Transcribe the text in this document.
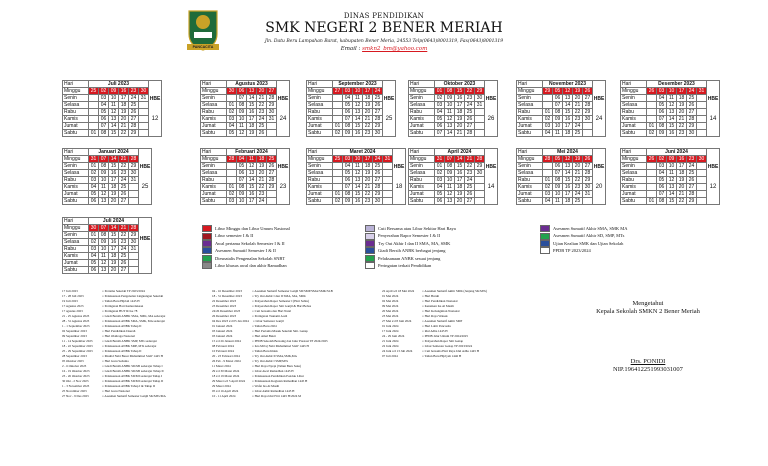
PANCACITA
DINAS PENDIDIKAN
SMK NEGERI 2 BENER MERIAH
Jln. Datu Beru Lampahan Barat, kabupaten Bener Meria, 24553 Telp(0643)8001319, Fax(0643)8001319
Email : smkn2_bm@yahoo.com
Hari	Juli 2023						HBE
12

Minggu	25	02	09	16	23	30	
Senin		03	10	17	24	31	
Selasa		04	11	18	25		
Rabu		05	12	19	26		
Kamis		06	13	20	27		
Jumat		07	14	21	28		
Sabtu	01	08	15	22	29		
Hari	Agustus 2023					HBE
24

Minggu	30	06	13	20	27	
Senin		07	14	21	28	
Selasa	01	08	15	22	29	
Rabu	02	09	16	23	30	
Kamis	03	10	17	24	31	
Jumat	04	11	18	25		
Sabtu	05	12	19	26		
Hari	September 2023					HBE
25

Minggu	27	03	10	17	24	
Senin		04	11	18	25	
Selasa		05	12	19	26	
Rabu		06	13	20	27	
Kamis		07	14	21	28	
Jumat	01	08	15	22	29	
Sabtu	02	09	16	23	30	
Hari	Oktober 2023					HBE
26

Minggu	01	08	15	22	29	
Senin	02	09	16	23	30	
Selasa	03	10	17	24	31	
Rabu	04	11	18	25		
Kamis	05	12	19	26		
Jumat	06	13	20	27		
Sabtu	07	14	21	28		
Hari	November 2023					HBE
24

Minggu	29	05	12	19	26	
Senin		06	13	20	27	
Selasa		07	14	21	28	
Rabu	01	08	15	22	29	
Kamis	02	09	16	23	30	
Jumat	03	10	17	24		
Sabtu	04	11	18	25		
Hari	Desember 2023						HBE
14

Minggu	26	03	10	17	24	31	
Senin		04	11	18	25		
Selasa		05	12	19	26		
Rabu		06	13	20	27		
Kamis		07	14	21	28		
Jumat	01	08	15	22	29		
Sabtu	02	09	16	23	30		
Hari	Januari 2024					HBE
25

Minggu	31	07	14	21	28	
Senin	01	08	15	22	29	
Selasa	02	09	16	23	30	
Rabu	03	10	17	24	31	
Kamis	04	11	18	25		
Jumat	05	12	19	26		
Sabtu	06	13	20	27		
Hari	Februari 2024					HBE
23

Minggu	28	04	11	18	25	
Senin		05	12	19	26	
Selasa		06	13	20	27	
Rabu		07	14	21	28	
Kamis	01	08	15	22	29	
Jumat	02	09	16	23		
Sabtu	03	10	17	24		
Hari	Maret 2024						HBE
18

Minggu	25	03	10	17	24	31	
Senin		04	11	18	25		
Selasa		05	12	19	26		
Rabu		06	13	20	27		
Kamis		07	14	21	28		
Jumat	01	08	15	22	29		
Sabtu	02	09	16	23	30		
Hari	April 2024					HBE
14

Minggu	31	07	14	21	28	
Senin	01	08	15	22	29	
Selasa	02	09	16	23	30	
Rabu	03	10	17	24		
Kamis	04	11	18	25		
Jumat	05	12	19	26		
Sabtu	06	13	20	27		
Hari	Mei 2024					HBE
20

Minggu	28	05	12	19	26	
Senin		06	13	20	27	
Selasa		07	14	21	28	
Rabu	01	08	15	22	29	
Kamis	02	09	16	23	30	
Jumat	03	10	17	24	31	
Sabtu	04	11	18	25		
Hari	Juni 2024						HBE
12

Minggu	26	02	09	16	23	30	
Senin		03	10	17	24		
Selasa		04	11	18	25		
Rabu		05	12	19	26		
Kamis		06	13	20	27		
Jumat		07	14	21	28		
Sabtu	01	08	15	22	29		
Hari	Juli 2024					HBE

Minggu	30	07	14	21	28	
Senin	01	08	15	22	29	
Selasa	02	09	16	23	30	
Rabu	03	10	17	24	31	
Kamis	04	11	18	25		
Jumat	05	12	19	26		
Sabtu	06	13	20	27		
Libur Minggu dan Libur Umum Nasional
Libur semester I & II
Awal pertama Sekolah Semester I & II
Asesmen Sumatif Semester I & II
Diesnatalis Pengenalan Sekolah SNBT
Libur khusus awal dan akhir Ramadhan
Cuti Bersama atau Libur Sekitar Hari Raya
Penyerahan Rapor Semester I & II
Try Out Akhir I dan II SMA, MA, SMK
Giadi Bersih ANBK berbagai jenjang
Pelaksanaan ANBK sesuai jenjang
Peringatan terkait Pendidikan
Asesmen Sumatif Akhir SMA, SMK MA
Asesmen Sumatif Akhir SD, SMP, MTs
Ujian Kealian SMK dan Ujian Sekolah
PPDB TP 2023/2024
17 Juli 2023	= Pertama Sekolah TP 2023/2024
17 - 28 Juli 2023	= Pelaksanaan Pengenalan Lingkungan Sekolah
19 Juli 2023	= Tahun Baru Hijriah 1445 H
17 Agustus 2023	= Peringatan Hari Kemerdekaan
17 agustus 2023	= Peringatan HUT RI ke 78
21 - 25 Agustus 2023	= Gladi Bersih ANBK SMA, SMK, MA sederajat
28 - 31 Agustus 2023	= Pelaksanaan ANBK SMA, SMK, MA sederajat
1 - 1 September 2023	= Pelaksanaan ANBK Tahap II
02 September 2023	= Hari Pendidikan Daerah
09 September 2023	= Hari Olahraga Nasional
11 - 14 September 2023	= Gladi Bersih ANBK SMP, MTs sederajat
18 - 22 September 2023	= Pelaksanaan ANBK SMP, MTs sederajat
25 - 29 September 2023	= Pelaksanaan ANBK Tahap II
28 September 2023	= Maulid Nabi Besar Muhammad SAW 1445 H
05 Oktober 2023	= Hari Guru Sedunia
2 - 6 Oktober 2023	= Gladi Bersih ANBK SD/MI sederajat Tahap I
16 - 19 Oktober 2023	= Gladi Bersih ANBK SD/MI sederajat Tahap II
23 - 26 Oktober 2023	= Pelaksanaan ANBK SD/MI sederajat Tahap I
30 Okt - 2 Nov 2023	= Pelaksanaan ANBK SD/MI sederajat Tahap II
1 - 3 November 2023	= Pelaksanaan ANBK Tahap I & Tahap II
25 November 2023	= Hari Guru Nasional
27 Nov - 9 Des 2023	= Asesmen Sumatif Semester Ganjil SK/MTs/MA
04 - 16 Desember 2023	= Asesmen Sumatif Semester Ganjil SD/SMP/SMA/SMK/SLB
18 - 31 Desember 2023	= Try Out Akhir I dan II SMA, MA, SMK
22 Desember 2023	= Penyerahan Rapor Semester I (Hari Sabtu)
23 Desember 2023	= Penyerahan Rapor Smt Ganjil & Hari Bebas
24/26 Desember 2023	= Cuti bersama dan Hari Natal
26 Desember 2023	= Peringatan Tsunami Aceh
04 Des 2023 s/d 05 Jan 2024 = Libur Semester Ganjil
01 Januari 2024	= Tahun Baru 2024
03 Januari 2024	= Hari Pertama Masuk Sekolah Smt. Genap
03 Januari 2024	= Hari Amal Bakti
15 s/d 26 Januari 2024	= PPDB Sekolah Bersaing dan Jalur Prestasi TP 2024/2025
08 Februari 2024	= Isra Mi'raj Nabi Muhammad SAW 1445 H
10 Februari 2024	= Tahun Baru Imlek
20 - 23 Februari 2024	= Try Out Akhir II SMA,SMK,MA
26 Feb - 9 Maret 2024	= Try Out Akhir I SMP,MTs
11 Maret 2024	= Hari Raya Nyepi (Tahun Baru Saka)
29 s/d 30 Maret 2024	= Libur Awal Ramadhan 1445 H
18 s/d 19 Maret 2024	= Pelaksanaan Pendidikan Pondok Libur
29 Maret s/d 5 April 2024	= Pelaksanaan Kegiatan Ramadhan 1445 H
29 Maret 2024	= Wafat Isa Al Masih
05 s/d 16 April 2024	= Libur Akhir Ramadhan 1445 H
10 - 11 April 2024	= Hari Raya Idul Fitri 1445 H/2024 M
22 April s/d 18 Mei 2024	= Asesmen Sumatif Akhir SMK (Jenjang SK/MTs)
01 Mei 2024	= Hari Buruh
02 Mei 2024	= Hari Pendidikan Nasional
09 Mei 2024	= Kenaikan Isa Al Masih
20 Mei 2024	= Hari Kebangkitan Nasional
23 Mei 2024	= Hari Raya Waisak
27 Mei s/d 8 Juni 2024	= Asesmen Sumatif Akhir SMP
01 Juni 2024	= Hari Lahir Pancasila
17 Juni 2024	= Idul Adha 1445 H
24 - 29 Juni 2024	= PPDB Jalur Umum TP 2024/2025
21 Juni 2024	= Penyerahan Rapor Smt Genap
22 Juni 2024	= Libur Semester Genap TP 2023/2024
24 Juni s/d 13 Juli 2024	= Cuti bersama Hari Raya Idul Adha 1445 H
07 Juli 2024	= Tahun Baru Hijriyah 1446 H
Mengetahui
Kepala Sekolah SMKN 2 Bener Meriah
Drs. PONIDI
NIP.196412251993031007
